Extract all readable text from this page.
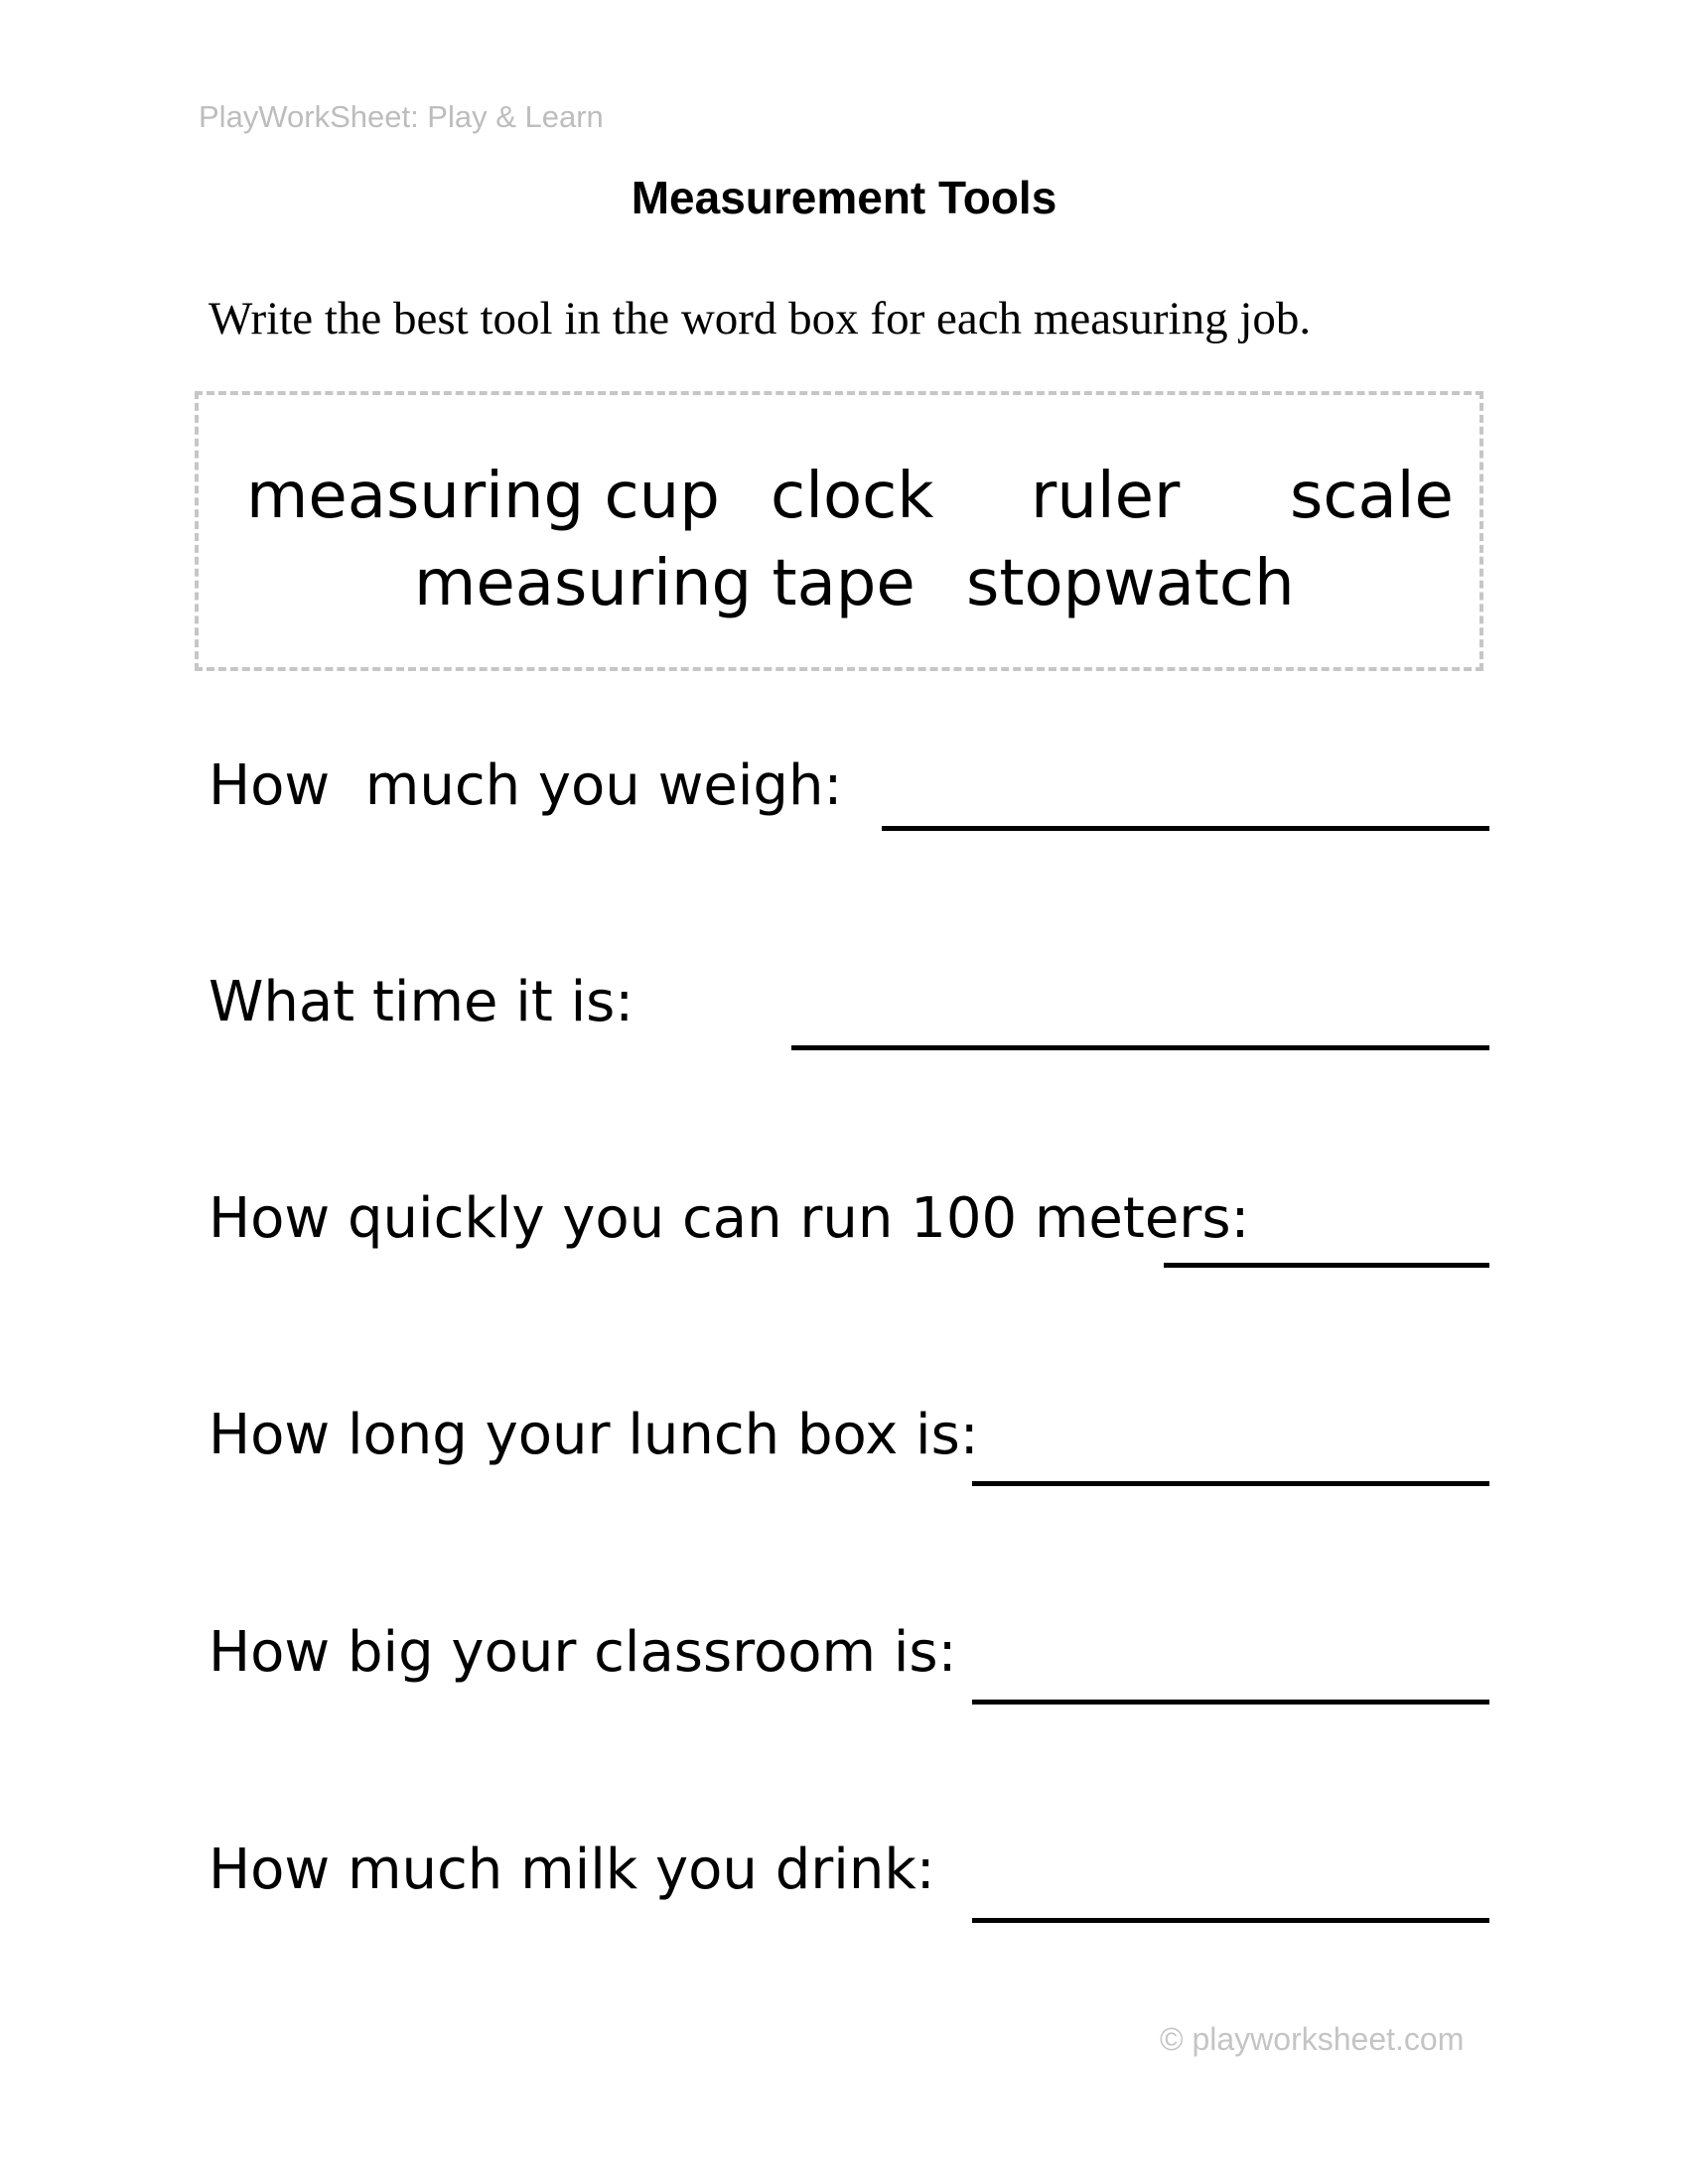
PlayWorkSheet: Play & Learn
Measurement Tools
Write the best tool in the word box for each measuring job.
measuring cup clock ruler scale
measuring tape stopwatch
How  much you weigh:
What time it is:
How quickly you can run 100 meters:
How long your lunch box is:
How big your classroom is:
How much milk you drink:
© playworksheet.com
